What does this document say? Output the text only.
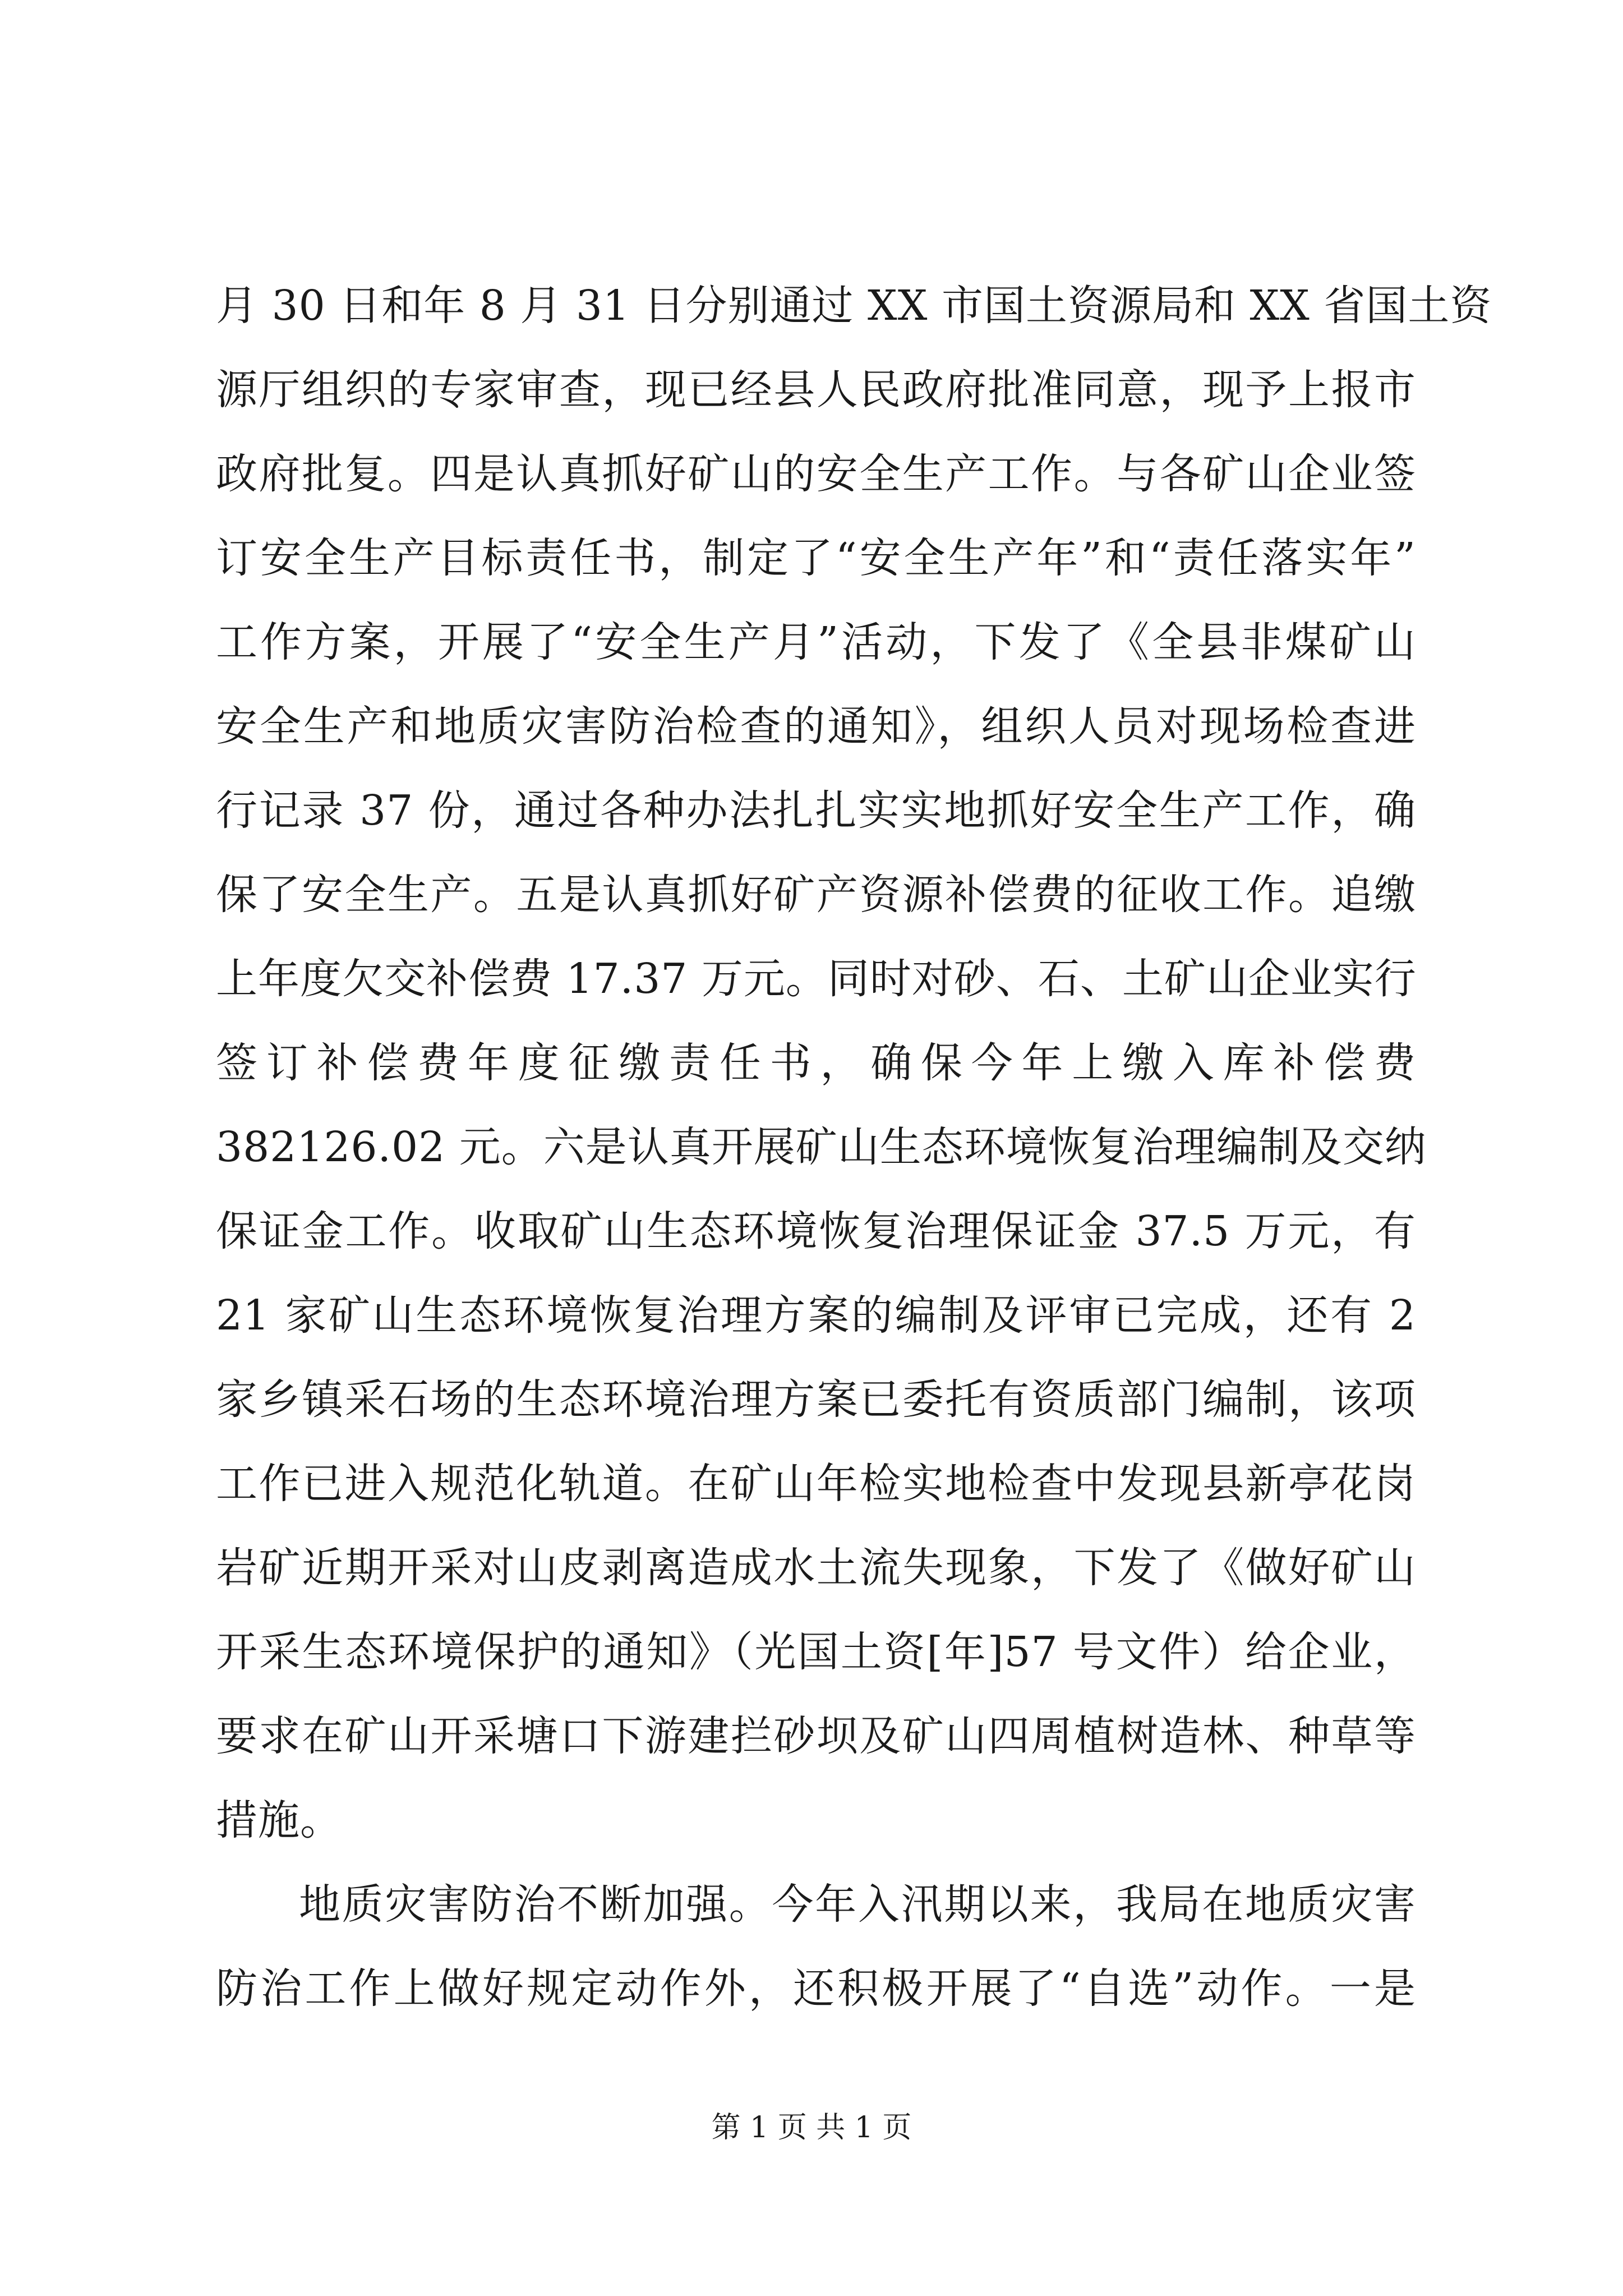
月 30 日和年 8 月 31 日分别通过 XX 市国土资源局和 XX 省国土资
源厅组织的专家审查，现已经县人民政府批准同意，现予上报市
政府批复。四是认真抓好矿山的安全生产工作。与各矿山企业签
订安全生产目标责任书，制定了“安全生产年”和“责任落实年”
工作方案，开展了“安全生产月”活动，下发了《全县非煤矿山
安全生产和地质灾害防治检查的通知》，组织人员对现场检查进
行记录 37 份，通过各种办法扎扎实实地抓好安全生产工作，确
保了安全生产。五是认真抓好矿产资源补偿费的征收工作。追缴
上年度欠交补偿费 17.37 万元。同时对砂、石、土矿山企业实行
签订补偿费年度征缴责任书，确保今年上缴入库补偿费
382126.02 元。六是认真开展矿山生态环境恢复治理编制及交纳
保证金工作。收取矿山生态环境恢复治理保证金 37.5 万元，有
21 家矿山生态环境恢复治理方案的编制及评审已完成，还有 2
家乡镇采石场的生态环境治理方案已委托有资质部门编制，该项
工作已进入规范化轨道。在矿山年检实地检查中发现县新亭花岗
岩矿近期开采对山皮剥离造成水土流失现象，下发了《做好矿山
开采生态环境保护的通知》（光国土资[年]57 号文件）给企业，
要求在矿山开采塘口下游建拦砂坝及矿山四周植树造林、种草等
措施。
地质灾害防治不断加强。今年入汛期以来，我局在地质灾害
防治工作上做好规定动作外，还积极开展了“自选”动作。一是
第 1 页 共 1 页
